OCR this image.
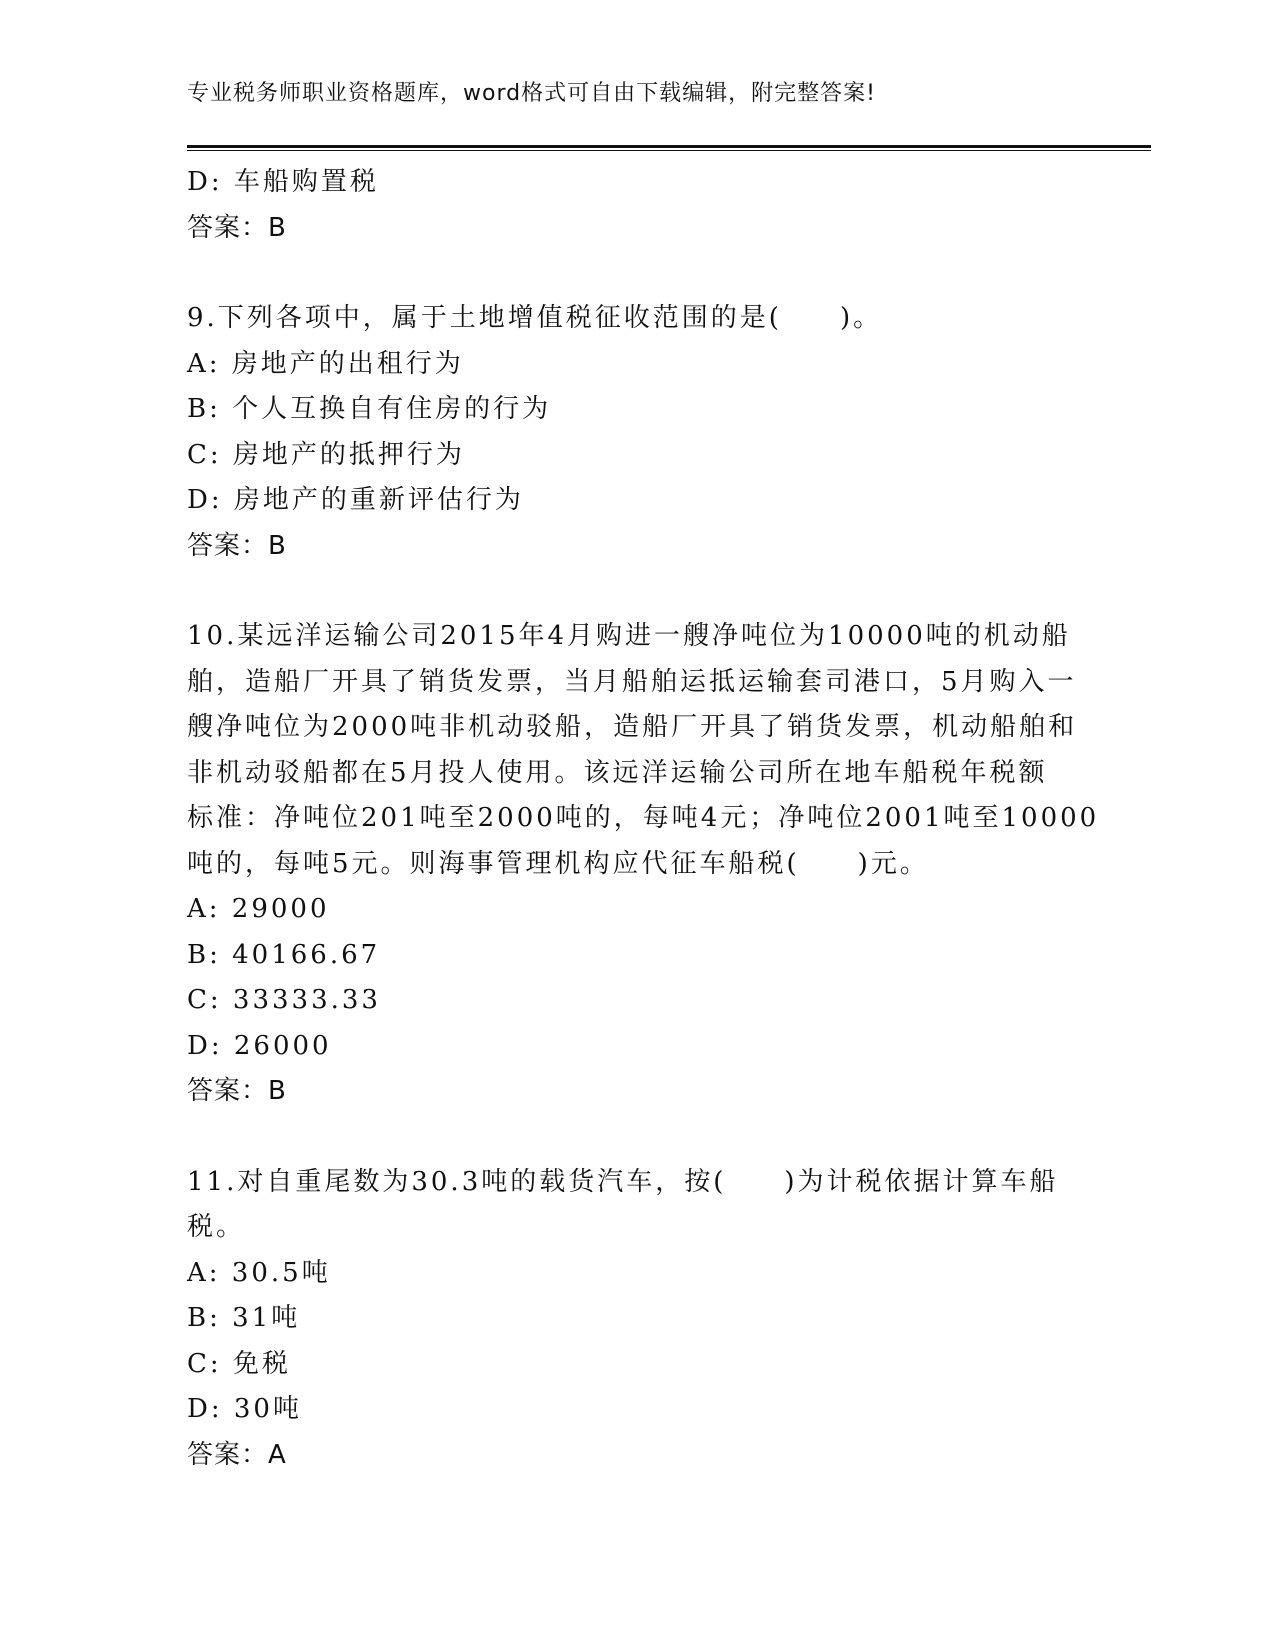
专业税务师职业资格题库，word格式可自由下载编辑，附完整答案!
D: 车船购置税
答案：B
9.下列各项中，属于土地增值税征收范围的是(　　)。
A: 房地产的出租行为
B: 个人互换自有住房的行为
C: 房地产的抵押行为
D: 房地产的重新评估行为
答案：B
10.某远洋运输公司2015年4月购进一艘净吨位为10000吨的机动船
舶，造船厂开具了销货发票，当月船舶运抵运输套司港口，5月购入一
艘净吨位为2000吨非机动驳船，造船厂开具了销货发票，机动船舶和
非机动驳船都在5月投人使用。该远洋运输公司所在地车船税年税额
标准：净吨位201吨至2000吨的，每吨4元；净吨位2001吨至10000
吨的，每吨5元。则海事管理机构应代征车船税(　　)元。
A: 29000
B: 40166.67
C: 33333.33
D: 26000
答案：B
11.对自重尾数为30.3吨的载货汽车，按(　　)为计税依据计算车船
税。
A: 30.5吨
B: 31吨
C: 免税
D: 30吨
答案：A
